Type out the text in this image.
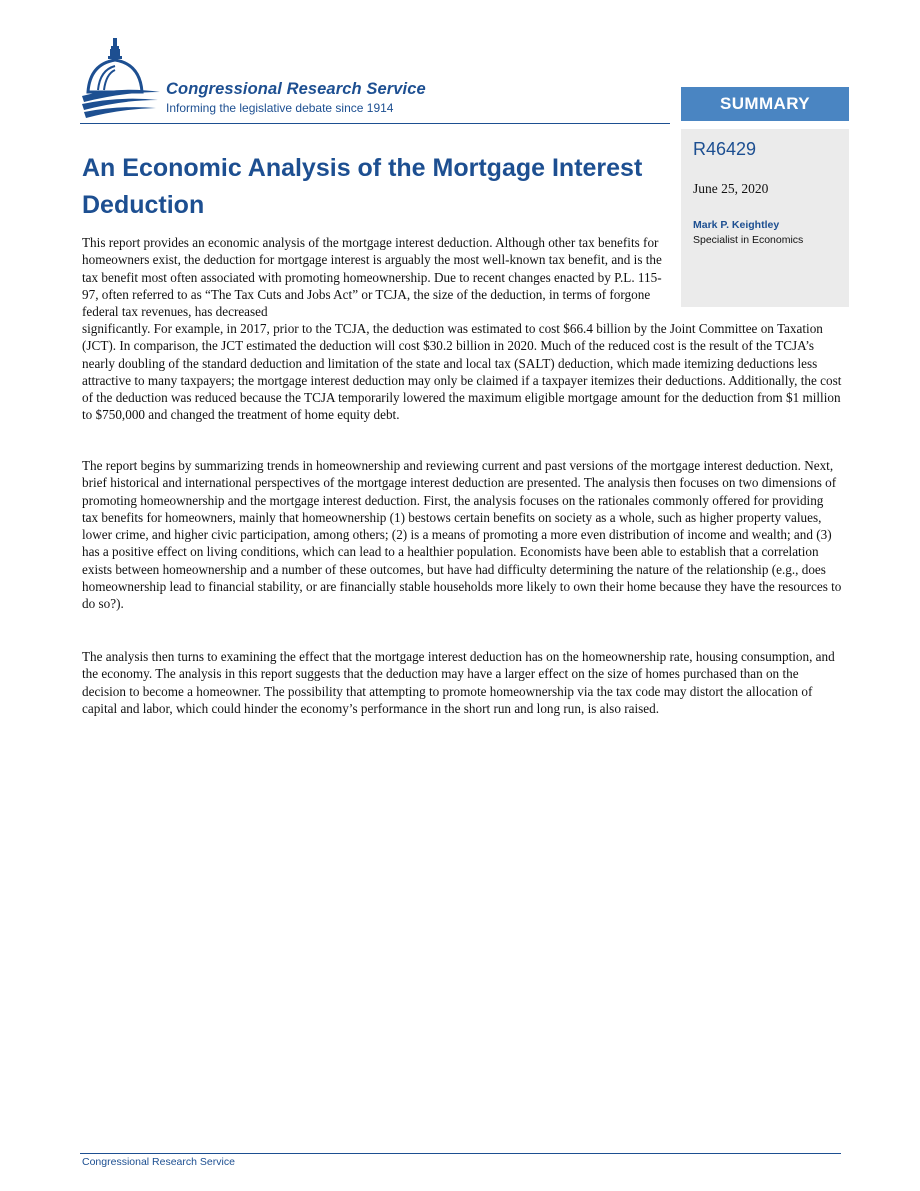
Congressional Research Service
Informing the legislative debate since 1914	SUMMARY
R46429
June 25, 2020
Mark P. Keightley
Specialist in Economics
An Economic Analysis of the Mortgage Interest Deduction

This report provides an economic analysis of the mortgage interest deduction. Although other tax benefits for homeowners exist, the deduction for mortgage interest is arguably the most well-known tax benefit, and is the tax benefit most often associated with promoting homeownership. Due to recent changes enacted by P.L. 115-97, often referred to as “The Tax Cuts and Jobs Act” or TCJA, the size of the deduction, in terms of forgone federal tax revenues, has decreased

significantly. For example, in 2017, prior to the TCJA, the deduction was estimated to cost $66.4 billion by the Joint Committee on Taxation (JCT). In comparison, the JCT estimated the deduction will cost $30.2 billion in 2020. Much of the reduced cost is the result of the TCJA’s nearly doubling of the standard deduction and limitation of the state and local tax (SALT) deduction, which made itemizing deductions less attractive to many taxpayers; the mortgage interest deduction may only be claimed if a taxpayer itemizes their deductions. Additionally, the cost of the deduction was reduced because the TCJA temporarily lowered the maximum eligible mortgage amount for the deduction from $1 million to $750,000 and changed the treatment of home equity debt.

The report begins by summarizing trends in homeownership and reviewing current and past versions of the mortgage interest deduction. Next, brief historical and international perspectives of the mortgage interest deduction are presented. The analysis then focuses on two dimensions of promoting homeownership and the mortgage interest deduction. First, the analysis focuses on the rationales commonly offered for providing tax benefits for homeowners, mainly that homeownership (1) bestows certain benefits on society as a whole, such as higher property values, lower crime, and higher civic participation, among others; (2) is a means of promoting a more even distribution of income and wealth; and (3) has a positive effect on living conditions, which can lead to a healthier population. Economists have been able to establish that a correlation exists between homeownership and a number of these outcomes, but have had difficulty determining the nature of the relationship (e.g., does homeownership lead to financial stability, or are financially stable households more likely to own their home because they have the resources to do so?).

The analysis then turns to examining the effect that the mortgage interest deduction has on the homeownership rate, housing consumption, and the economy. The analysis in this report suggests that the deduction may have a larger effect on the size of homes purchased than on the decision to become a homeowner. The possibility that attempting to promote homeownership via the tax code may distort the allocation of capital and labor, which could hinder the economy’s performance in the short run and long run, is also raised.

Congressional Research Service
